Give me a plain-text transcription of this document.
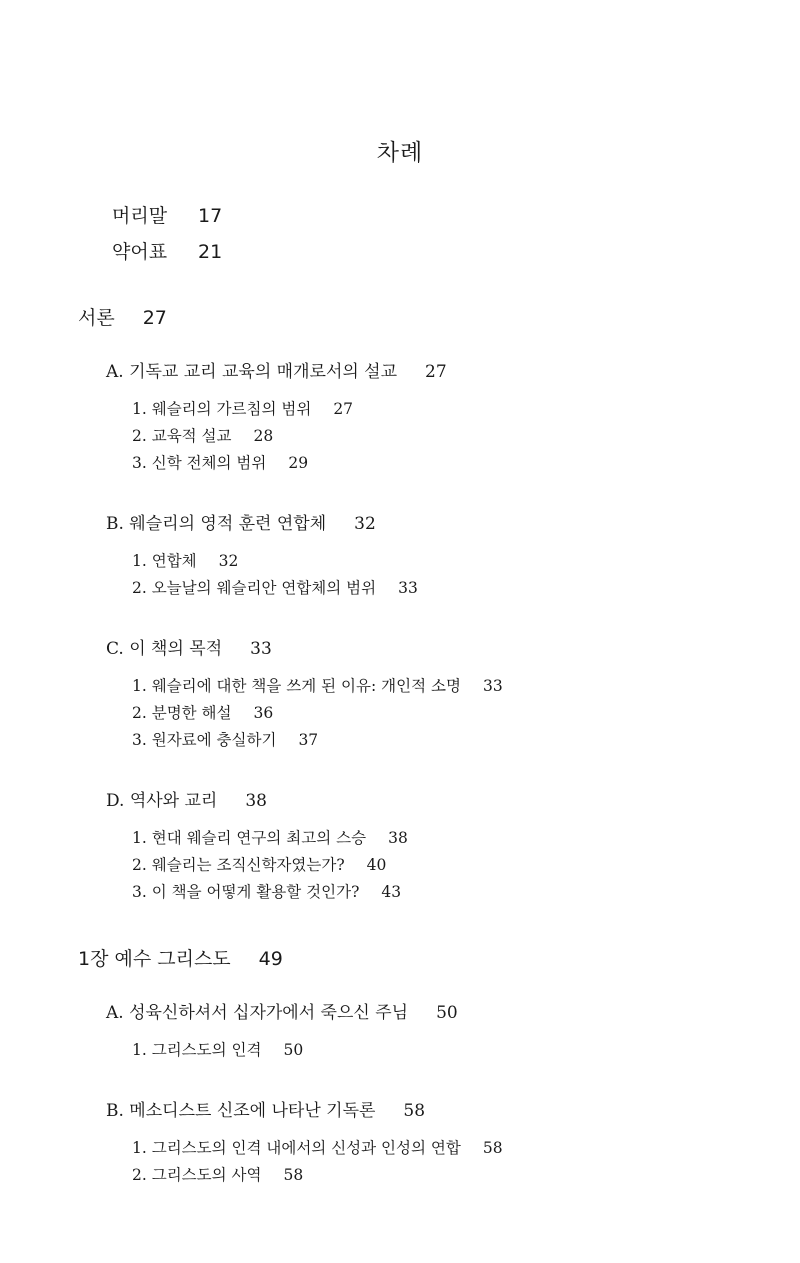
차례
머리말	17
약어표	21
서론 27
A. 기독교 교리 교육의 매개로서의 설교 27
1. 웨슬리의 가르침의 범위 27
2. 교육적 설교 28
3. 신학 전체의 범위 29
B. 웨슬리의 영적 훈련 연합체 32
1. 연합체 32
2. 오늘날의 웨슬리안 연합체의 범위 33
C. 이 책의 목적 33
1. 웨슬리에 대한 책을 쓰게 된 이유: 개인적 소명 33
2. 분명한 해설 36
3. 원자료에 충실하기 37
D. 역사와 교리 38
1. 현대 웨슬리 연구의 최고의 스승 38
2. 웨슬리는 조직신학자였는가? 40
3. 이 책을 어떻게 활용할 것인가? 43
1장 예수 그리스도 49
A. 성육신하셔서 십자가에서 죽으신 주님 50
1. 그리스도의 인격 50
B. 메소디스트 신조에 나타난 기독론 58
1. 그리스도의 인격 내에서의 신성과 인성의 연합 58
2. 그리스도의 사역 58
